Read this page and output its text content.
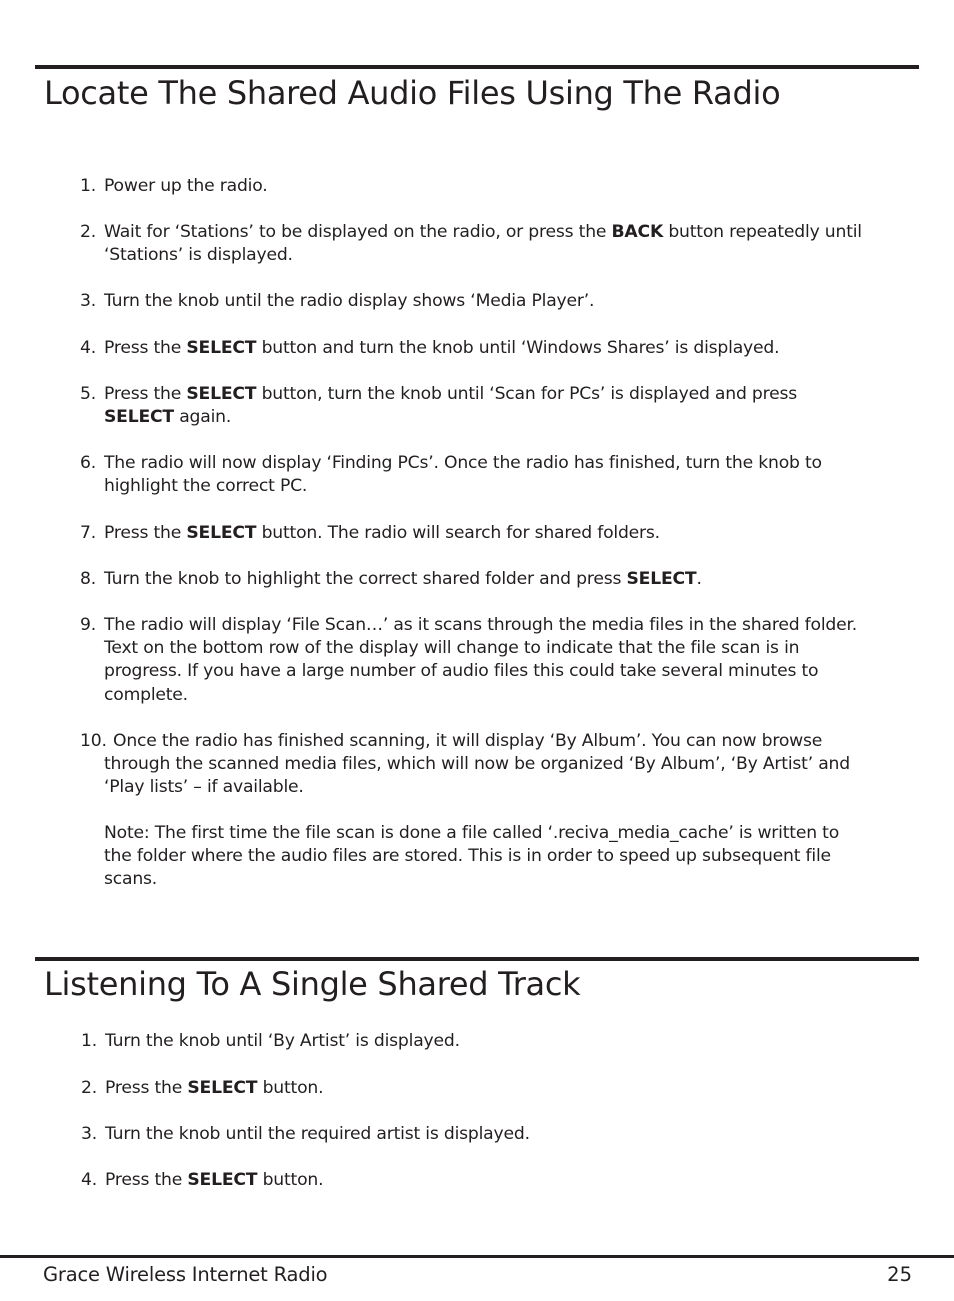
Locate The Shared Audio Files Using The Radio
1. Power up the radio.
2. Wait for ‘Stations’ to be displayed on the radio, or press the BACK button repeatedly until ‘Stations’ is displayed.
3. Turn the knob until the radio display shows ‘Media Player’.
4. Press the SELECT button and turn the knob until ‘Windows Shares’ is displayed.
5. Press the SELECT button, turn the knob until ‘Scan for PCs’ is displayed and press SELECT again.
6. The radio will now display ‘Finding PCs’. Once the radio has finished, turn the knob to highlight the correct PC.
7. Press the SELECT button. The radio will search for shared folders.
8. Turn the knob to highlight the correct shared folder and press SELECT.
9. The radio will display ‘File Scan…’ as it scans through the media files in the shared folder. Text on the bottom row of the display will change to indicate that the file scan is in progress. If you have a large number of audio files this could take several minutes to complete.
10. Once the radio has finished scanning, it will display ‘By Album’. You can now browse through the scanned media files, which will now be organized ‘By Album’, ‘By Artist’ and ‘Play lists’ – if available.
Note: The first time the file scan is done a file called ‘.reciva_media_cache’ is written to the folder where the audio files are stored. This is in order to speed up subsequent file scans.
Listening To A Single Shared Track
1. Turn the knob until ‘By Artist’ is displayed.
2. Press the SELECT button.
3. Turn the knob until the required artist is displayed.
4. Press the SELECT button.
Grace Wireless Internet Radio	25
